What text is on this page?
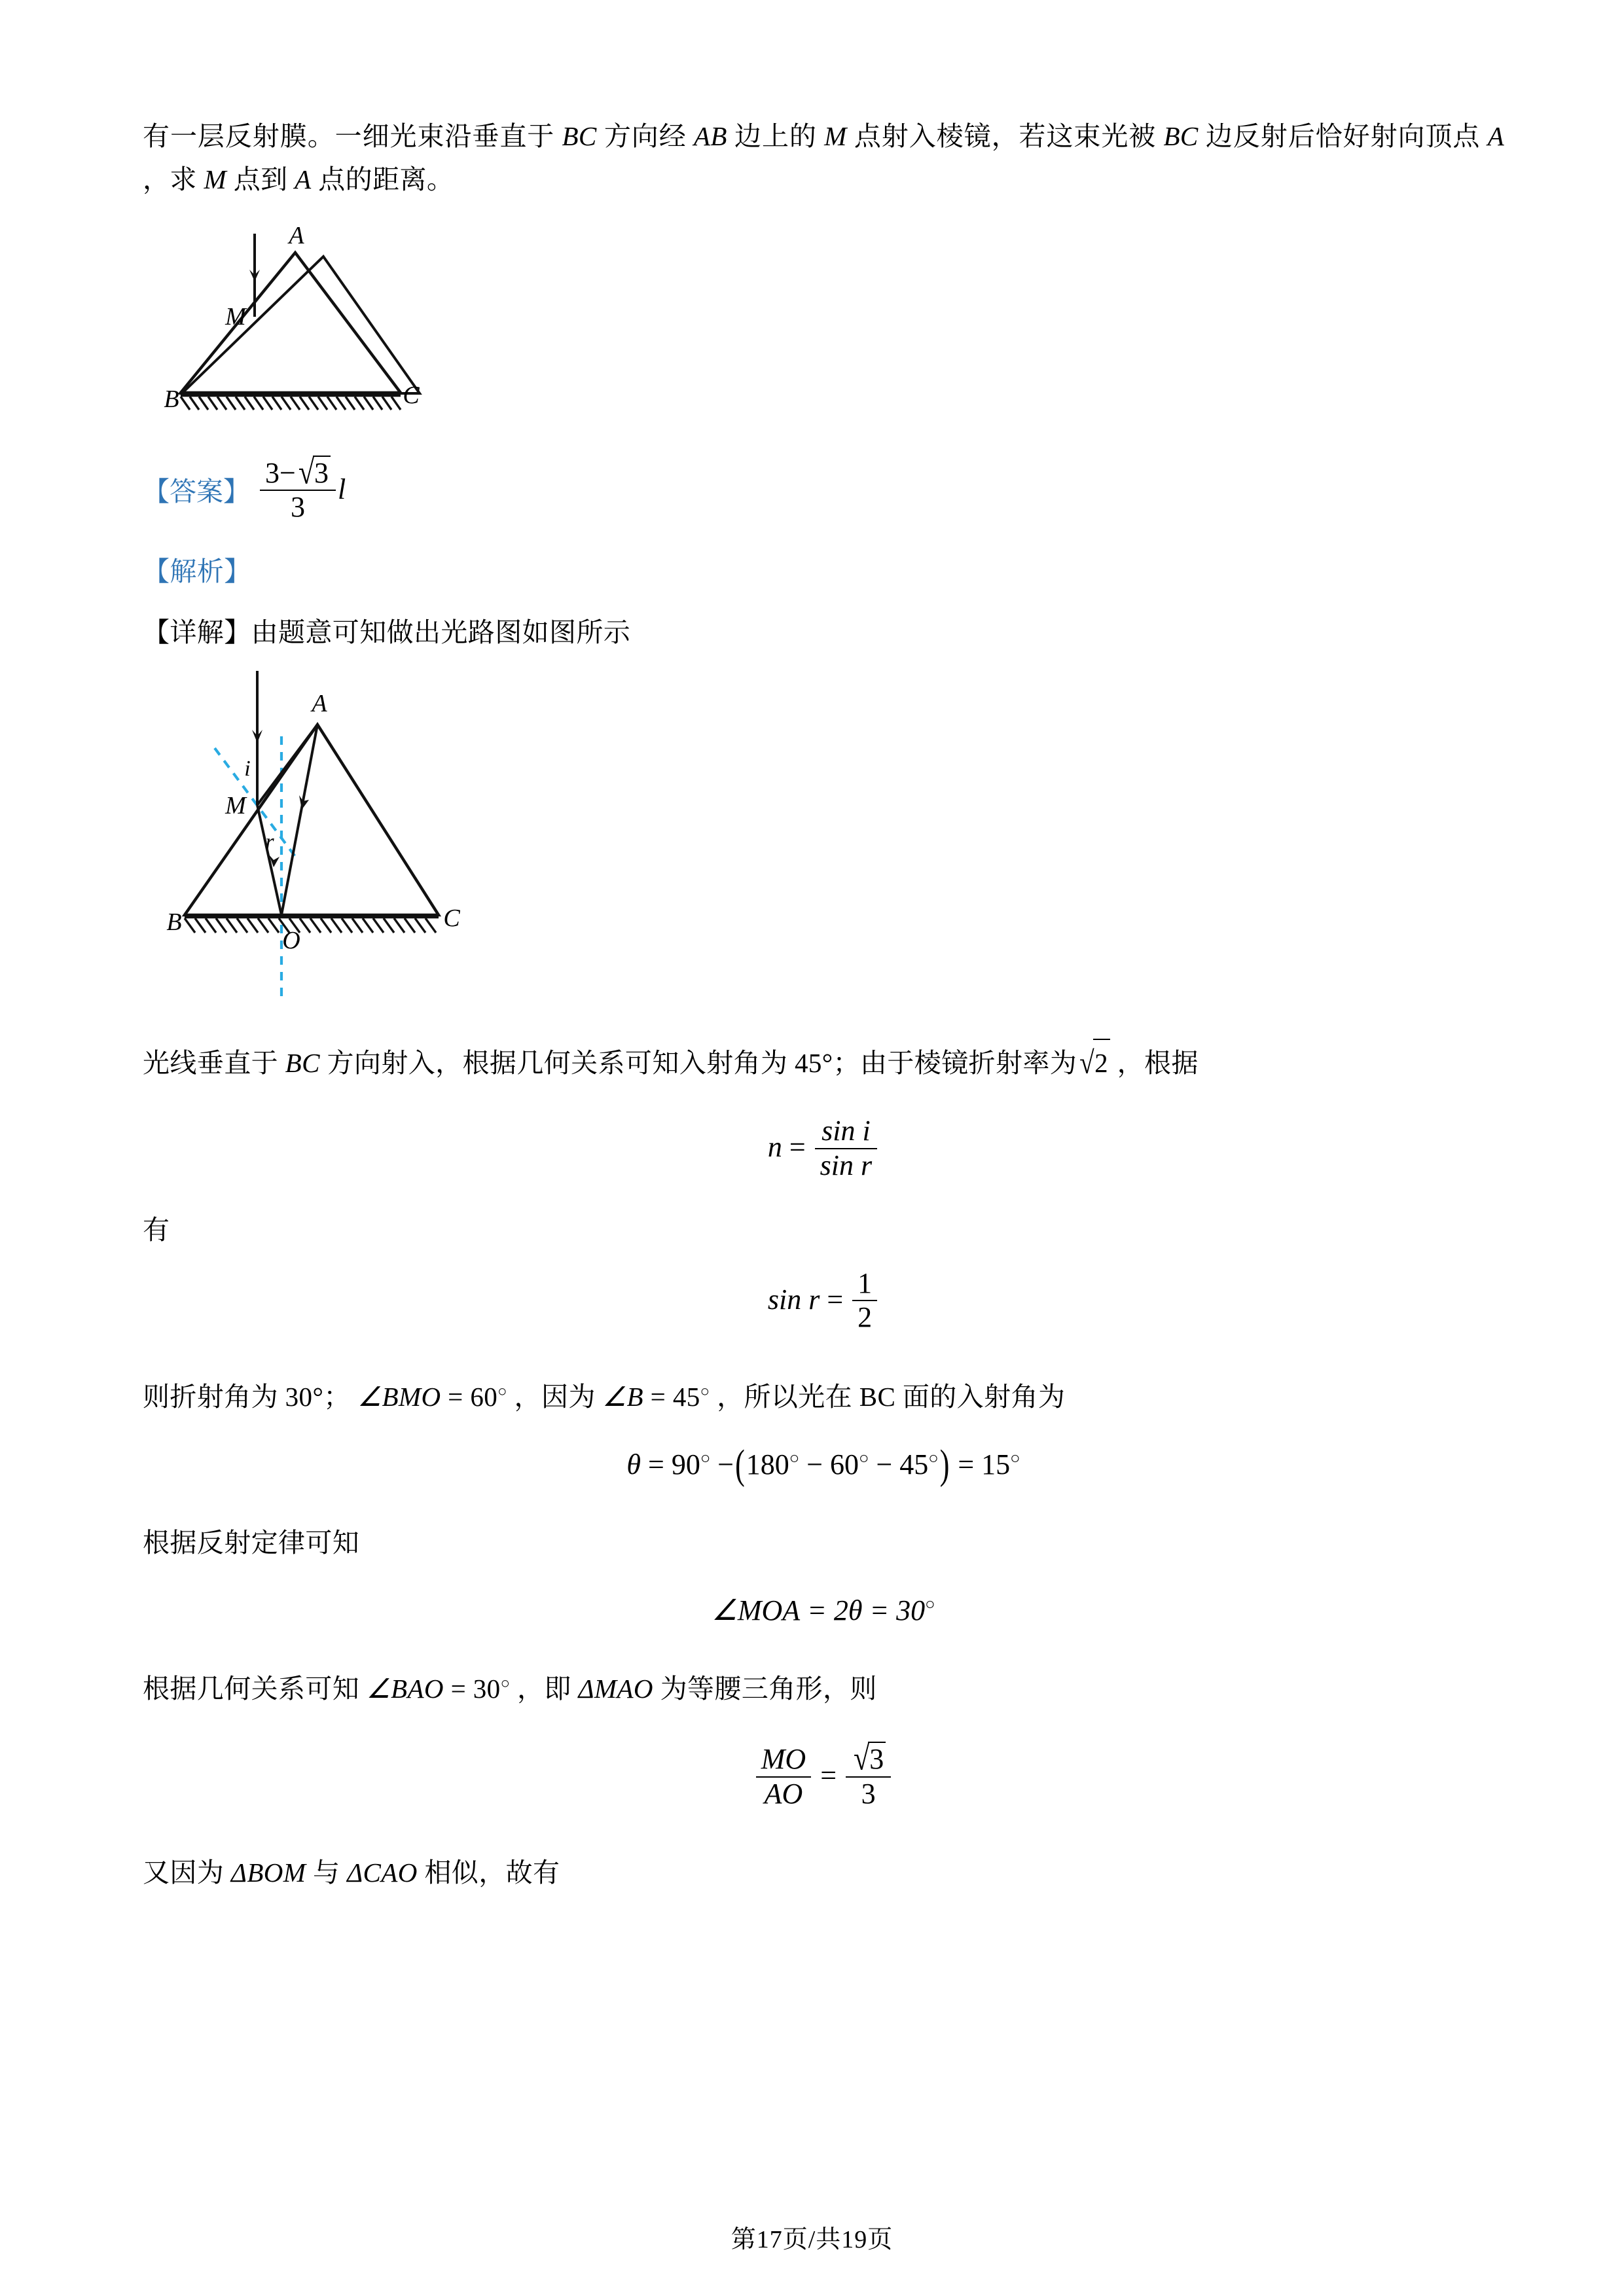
有一层反射膜。一细光束沿垂直于 BC 方向经 AB 边上的 M 点射入棱镜，若这束光被 BC 边反射后恰好射向顶点 A ，求 M 点到 A 点的距离。

A
B	C
M
【答案】 $\frac{3-√3}{3}$ l

【解析】

【详解】由题意可知做出光路图如图所示

A
B	C
M
O
i
r

光线垂直于 BC 方向射入，根据几何关系可知入射角为 45°；由于棱镜折射率为√2 ，根据

$n = \frac{\text{sin i}}{\text{sin r}}$

有

$\sin r = \frac{1}{2}$

则折射角为 30°； ∠BMO = 60○ ，因为 ∠B = 45○ ，所以光在 BC 面的入射角为

θ = 90○ −(180○ − 60○ − 45○) = 15○

根据反射定律可知

∠MOA = 2θ = 30○

根据几何关系可知 ∠BAO = 30○ ，即 ΔMAO 为等腰三角形，则

$\frac{MO}{AO} = \frac{√3}{3}$

又因为 ΔBOM 与 ΔCAO 相似，故有

第17页/共19页
